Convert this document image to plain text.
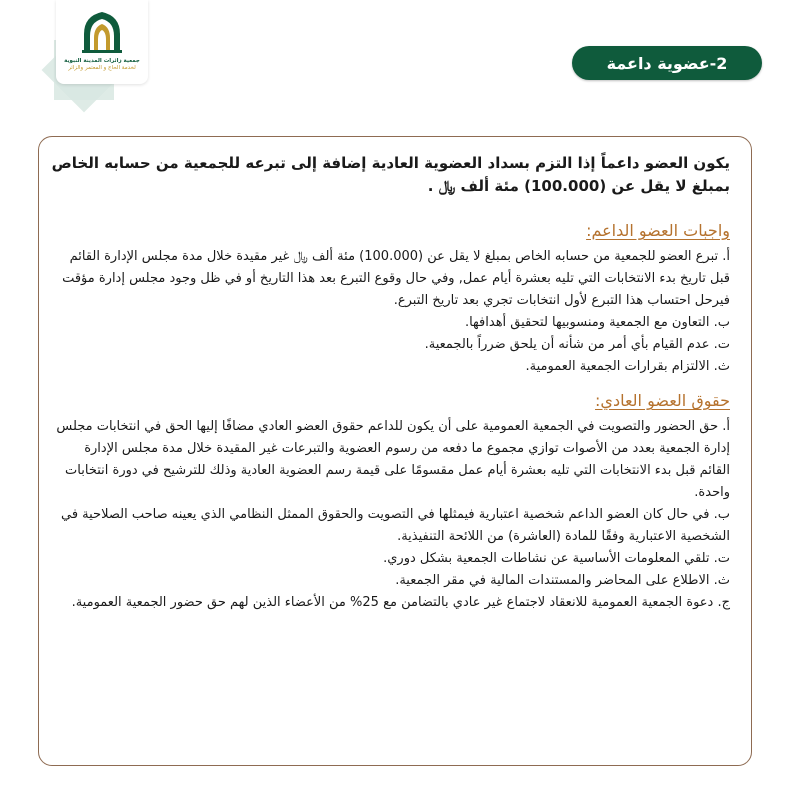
جمعية زائرات المدينة النبوية
لخدمة الحاج و المعتمر والزائر	2-عضوية داعمة

يكون العضو داعماً إذا التزم بسداد العضوية العادية إضافة إلى تبرعه للجمعية من حسابه الخاص بمبلغ لا يقل عن (100.000) مئة ألف ﷼ .

واجبات العضو الداعم:

أ. تبرع العضو للجمعية من حسابه الخاص بمبلغ لا يقل عن (100.000) مئة ألف ﷼ غير مقيدة خلال مدة مجلس الإدارة القائم قبل تاريخ بدء الانتخابات التي تليه بعشرة أيام عمل, وفي حال وقوع التبرع بعد هذا التاريخ أو في ظل وجود مجلس إدارة مؤقت فيرحل احتساب هذا التبرع لأول انتخابات تجري بعد تاريخ التبرع.

ب. التعاون مع الجمعية ومنسوبيها لتحقيق أهدافها.

ت. عدم القيام بأي أمر من شأنه أن يلحق ضرراً بالجمعية.

ث. الالتزام بقرارات الجمعية العمومية.

حقوق العضو العادي:

أ. حق الحضور والتصويت في الجمعية العمومية على أن يكون للداعم حقوق العضو العادي مضافًا إليها الحق في انتخابات مجلس إدارة الجمعية بعدد من الأصوات توازي مجموع ما دفعه من رسوم العضوية والتبرعات غير المقيدة خلال مدة مجلس الإدارة القائم قبل بدء الانتخابات التي تليه بعشرة أيام عمل مقسومًا على قيمة رسم العضوية العادية وذلك للترشيح في دورة انتخابات واحدة.

ب. في حال كان العضو الداعم شخصية اعتبارية فيمثلها في التصويت والحقوق الممثل النظامي الذي يعينه صاحب الصلاحية في الشخصية الاعتبارية وفقًا للمادة (العاشرة) من اللائحة التنفيذية.

ت. تلقي المعلومات الأساسية عن نشاطات الجمعية بشكل دوري.

ث. الاطلاع على المحاضر والمستندات المالية في مقر الجمعية.

ج. دعوة الجمعية العمومية للانعقاد لاجتماع غير عادي بالتضامن مع 25% من الأعضاء الذين لهم حق حضور الجمعية العمومية.
